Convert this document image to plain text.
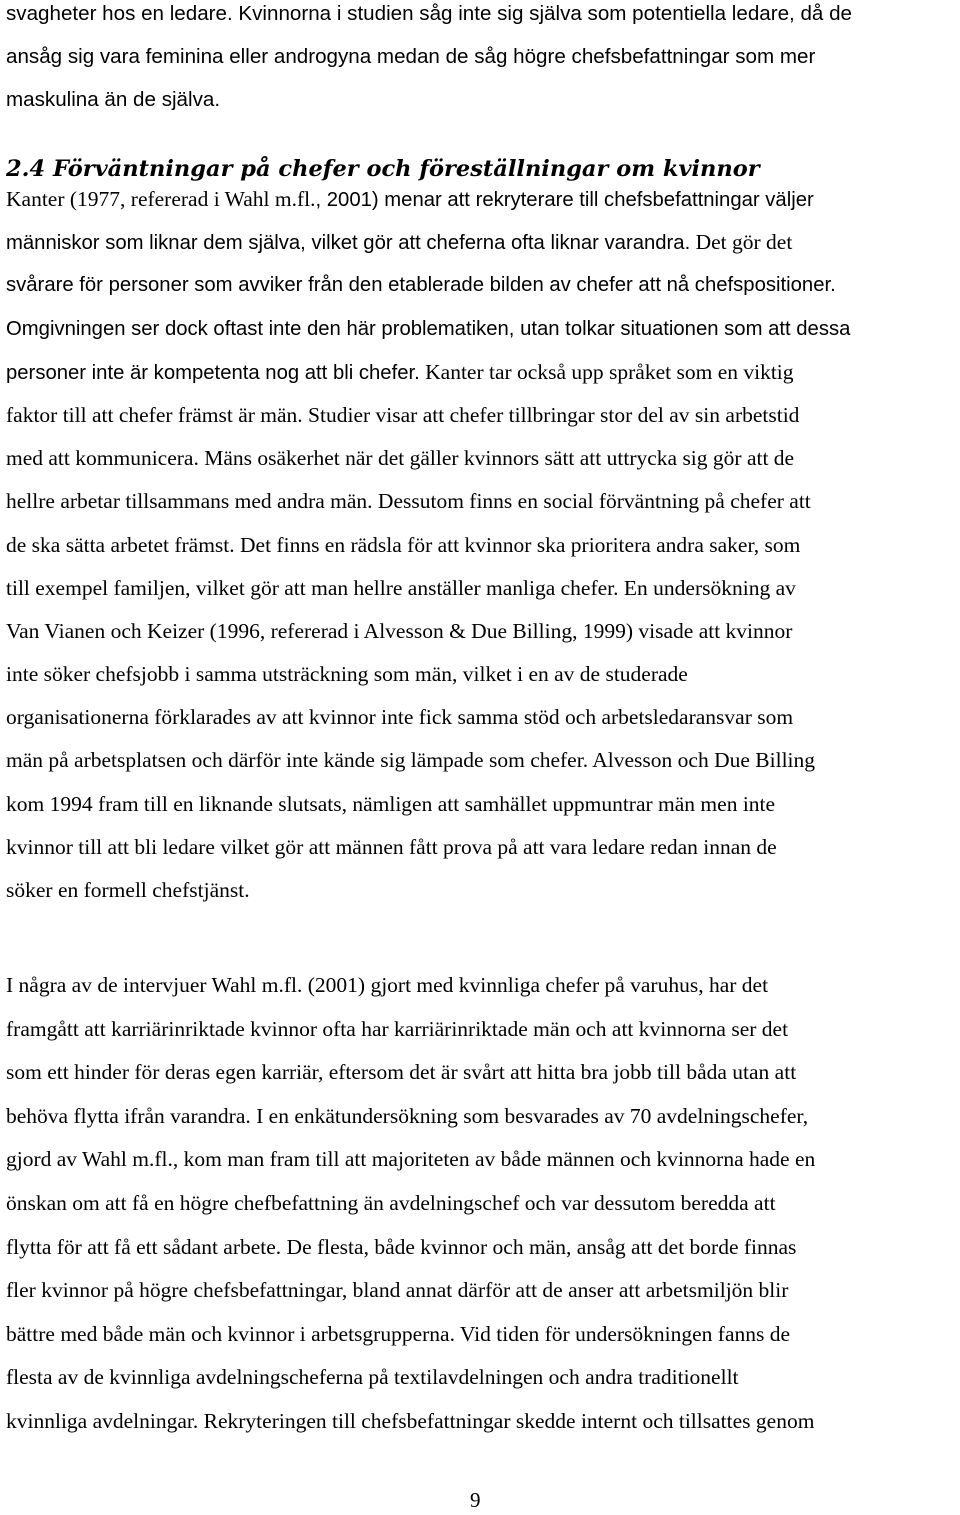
svagheter hos en ledare. Kvinnorna i studien såg inte sig själva som potentiella ledare, då de
ansåg sig vara feminina eller androgyna medan de såg högre chefsbefattningar som mer
maskulina än de själva.
2.4 Förväntningar på chefer och föreställningar om kvinnor
Kanter (1977, refererad i Wahl m.fl., 2001) menar att rekryterare till chefsbefattningar väljer
människor som liknar dem själva, vilket gör att cheferna ofta liknar varandra. Det gör det
svårare för personer som avviker från den etablerade bilden av chefer att nå chefspositioner.
Omgivningen ser dock oftast inte den här problematiken, utan tolkar situationen som att dessa
personer inte är kompetenta nog att bli chefer. Kanter tar också upp språket som en viktig
faktor till att chefer främst är män. Studier visar att chefer tillbringar stor del av sin arbetstid
med att kommunicera. Mäns osäkerhet när det gäller kvinnors sätt att uttrycka sig gör att de
hellre arbetar tillsammans med andra män. Dessutom finns en social förväntning på chefer att
de ska sätta arbetet främst. Det finns en rädsla för att kvinnor ska prioritera andra saker, som
till exempel familjen, vilket gör att man hellre anställer manliga chefer. En undersökning av
Van Vianen och Keizer (1996, refererad i Alvesson & Due Billing, 1999) visade att kvinnor
inte söker chefsjobb i samma utsträckning som män, vilket i en av de studerade
organisationerna förklarades av att kvinnor inte fick samma stöd och arbetsledaransvar som
män på arbetsplatsen och därför inte kände sig lämpade som chefer. Alvesson och Due Billing
kom 1994 fram till en liknande slutsats, nämligen att samhället uppmuntrar män men inte
kvinnor till att bli ledare vilket gör att männen fått prova på att vara ledare redan innan de
söker en formell chefstjänst.
I några av de intervjuer Wahl m.fl. (2001) gjort med kvinnliga chefer på varuhus, har det
framgått att karriärinriktade kvinnor ofta har karriärinriktade män och att kvinnorna ser det
som ett hinder för deras egen karriär, eftersom det är svårt att hitta bra jobb till båda utan att
behöva flytta ifrån varandra. I en enkätundersökning som besvarades av 70 avdelningschefer,
gjord av Wahl m.fl., kom man fram till att majoriteten av både männen och kvinnorna hade en
önskan om att få en högre chefbefattning än avdelningschef och var dessutom beredda att
flytta för att få ett sådant arbete. De flesta, både kvinnor och män, ansåg att det borde finnas
fler kvinnor på högre chefsbefattningar, bland annat därför att de anser att arbetsmiljön blir
bättre med både män och kvinnor i arbetsgrupperna. Vid tiden för undersökningen fanns de
flesta av de kvinnliga avdelningscheferna på textilavdelningen och andra traditionellt
kvinnliga avdelningar. Rekryteringen till chefsbefattningar skedde internt och tillsattes genom
9
